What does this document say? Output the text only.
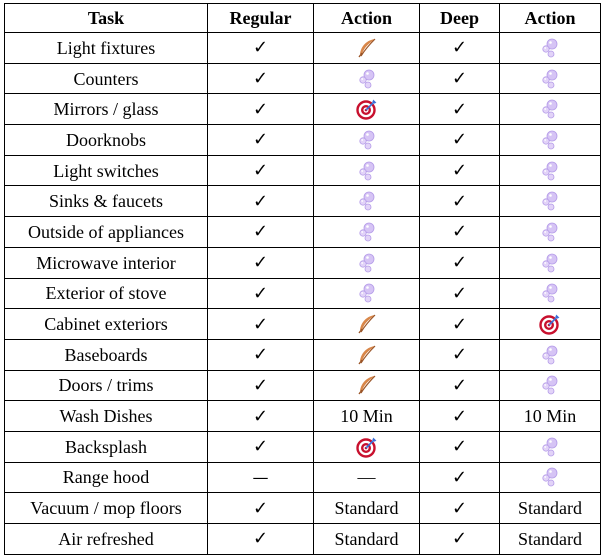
Task	Regular	Action	Deep	Action
Light fixtures	✓		✓	

Counters	✓		✓	

Mirrors / glass	✓		✓	

Doorknobs	✓		✓	

Light switches	✓		✓	

Sinks & faucets	✓		✓	

Outside of appliances	✓		✓	

Microwave interior	✓		✓	

Exterior of stove	✓		✓	

Cabinet exteriors	✓		✓	

Baseboards	✓		✓	

Doors / trims	✓		✓	

Wash Dishes	✓	10 Min	✓	10 Min
Backsplash	✓		✓	

Range hood	—	—	✓	

Vacuum / mop floors	✓	Standard	✓	Standard
Air refreshed	✓	Standard	✓	Standard
